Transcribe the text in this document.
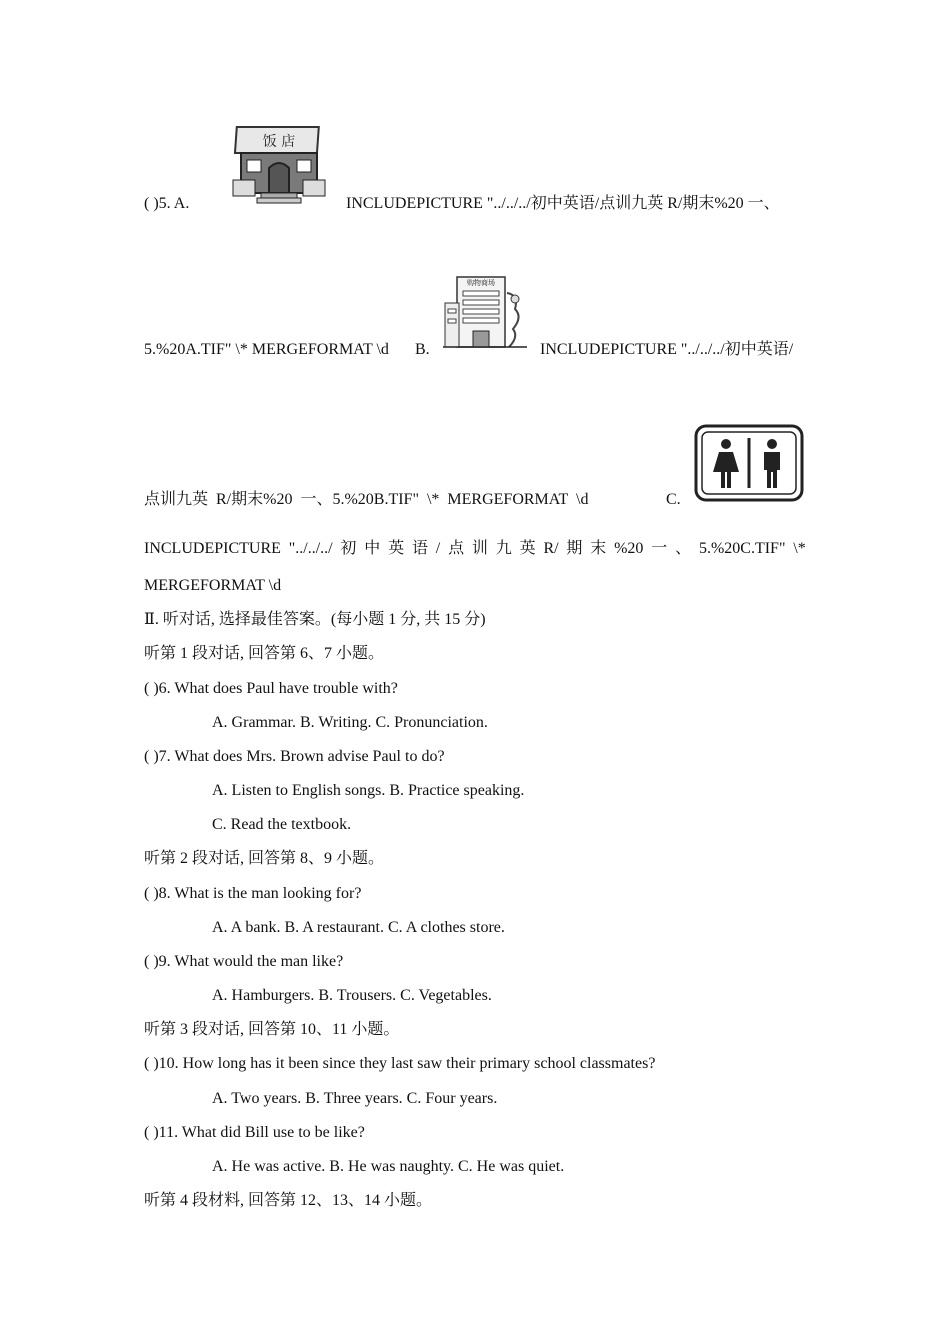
( )5. A.
饭 店
INCLUDEPICTURE "../../../初中英语/点训九英 R/期末%20 一、
5.%20A.TIF" \* MERGEFORMAT \d B.
购物商场
INCLUDEPICTURE "../../../初中英语/
点训九英 R/期末%20 一、5.%20B.TIF" \* MERGEFORMAT \d	C.
INCLUDEPICTURE "../../../ 初 中 英 语 / 点 训 九 英 R/ 期 末 %20 一 、 5.%20C.TIF" \*
MERGEFORMAT \d
Ⅱ. 听对话, 选择最佳答案。(每小题 1 分, 共 15 分)
听第 1 段对话, 回答第 6、7 小题。
( )6. What does Paul have trouble with?
A. Grammar. B. Writing. C. Pronunciation.
( )7. What does Mrs. Brown advise Paul to do?
A. Listen to English songs. B. Practice speaking.
C. Read the textbook.
听第 2 段对话, 回答第 8、9 小题。
( )8. What is the man looking for?
A. A bank. B. A restaurant. C. A clothes store.
( )9. What would the man like?
A. Hamburgers. B. Trousers. C. Vegetables.
听第 3 段对话, 回答第 10、11 小题。
( )10. How long has it been since they last saw their primary school classmates?
A. Two years. B. Three years. C. Four years.
( )11. What did Bill use to be like?
A. He was active. B. He was naughty. C. He was quiet.
听第 4 段材料, 回答第 12、13、14 小题。
